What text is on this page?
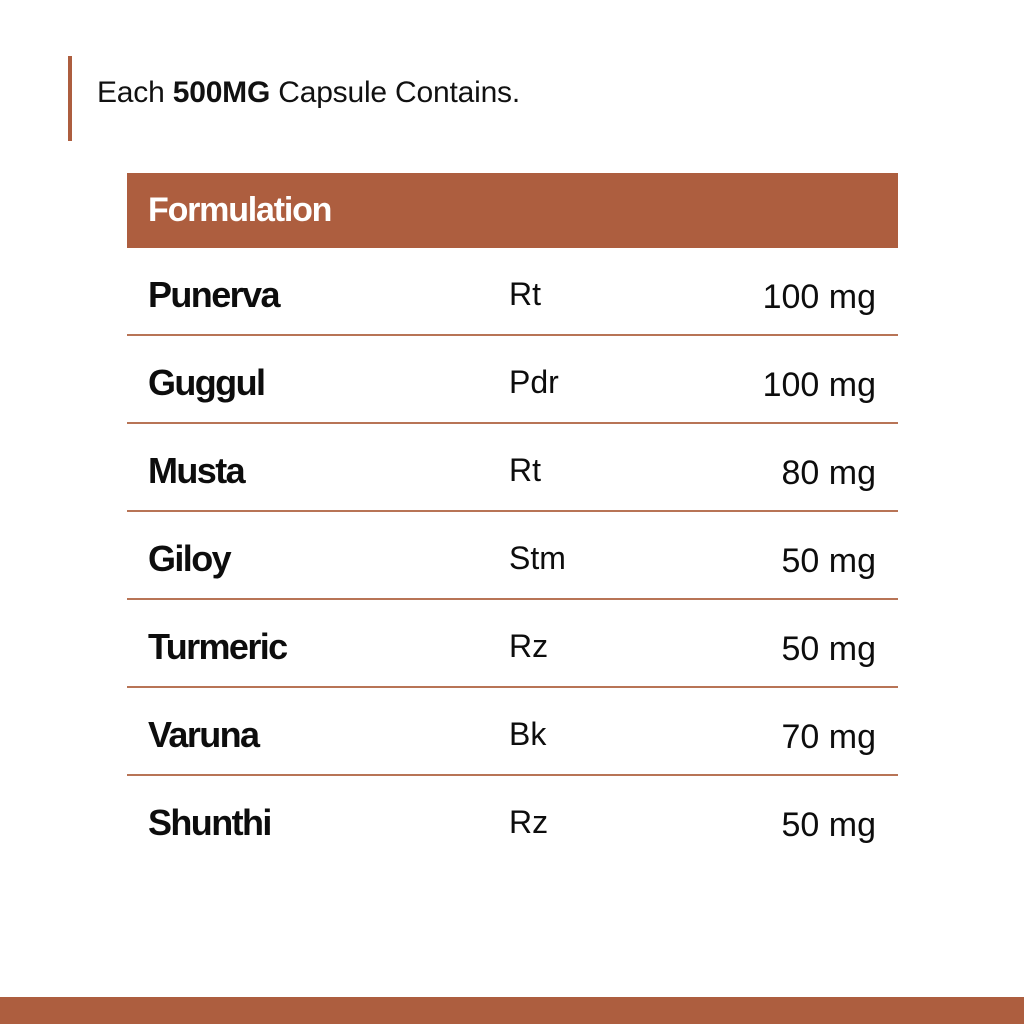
Each 500MG Capsule Contains.
Formulation
Punerva	Rt	100 mg
Guggul	Pdr	100 mg
Musta	Rt	80 mg
Giloy	Stm	50 mg
Turmeric	Rz	50 mg
Varuna	Bk	70 mg
Shunthi	Rz	50 mg
